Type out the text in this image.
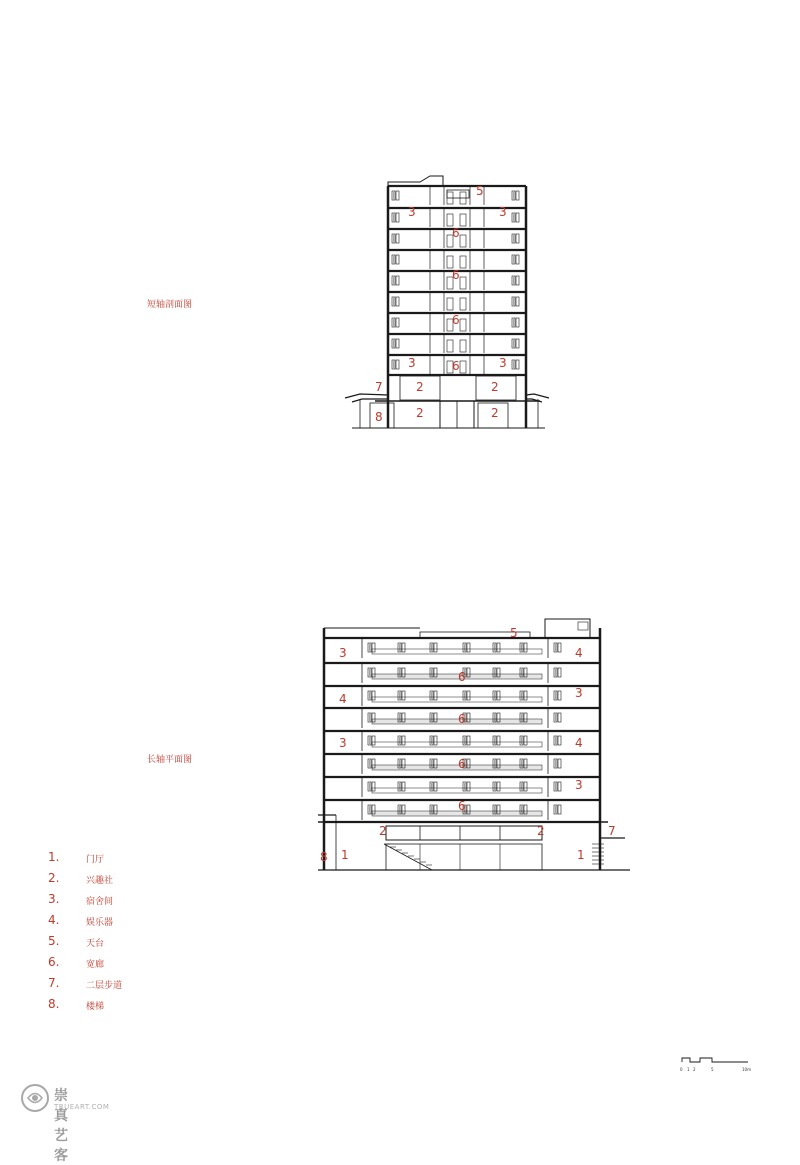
短轴剖面图
长轴平面图
5
3	3
6
6
6
3	6	3
7	2	2
8	2	2
5
3	4
6
4	3
6
3	4
6
3
6
2	2	7
8 1	1
1.	门厅
2.	兴趣社
3.	宿舍间
4.	娱乐器
5.	天台
6.	宽廊
7.	二层步道
8.	楼梯
0 1 2	5	10m
崇真艺客
TRUEART.COM
